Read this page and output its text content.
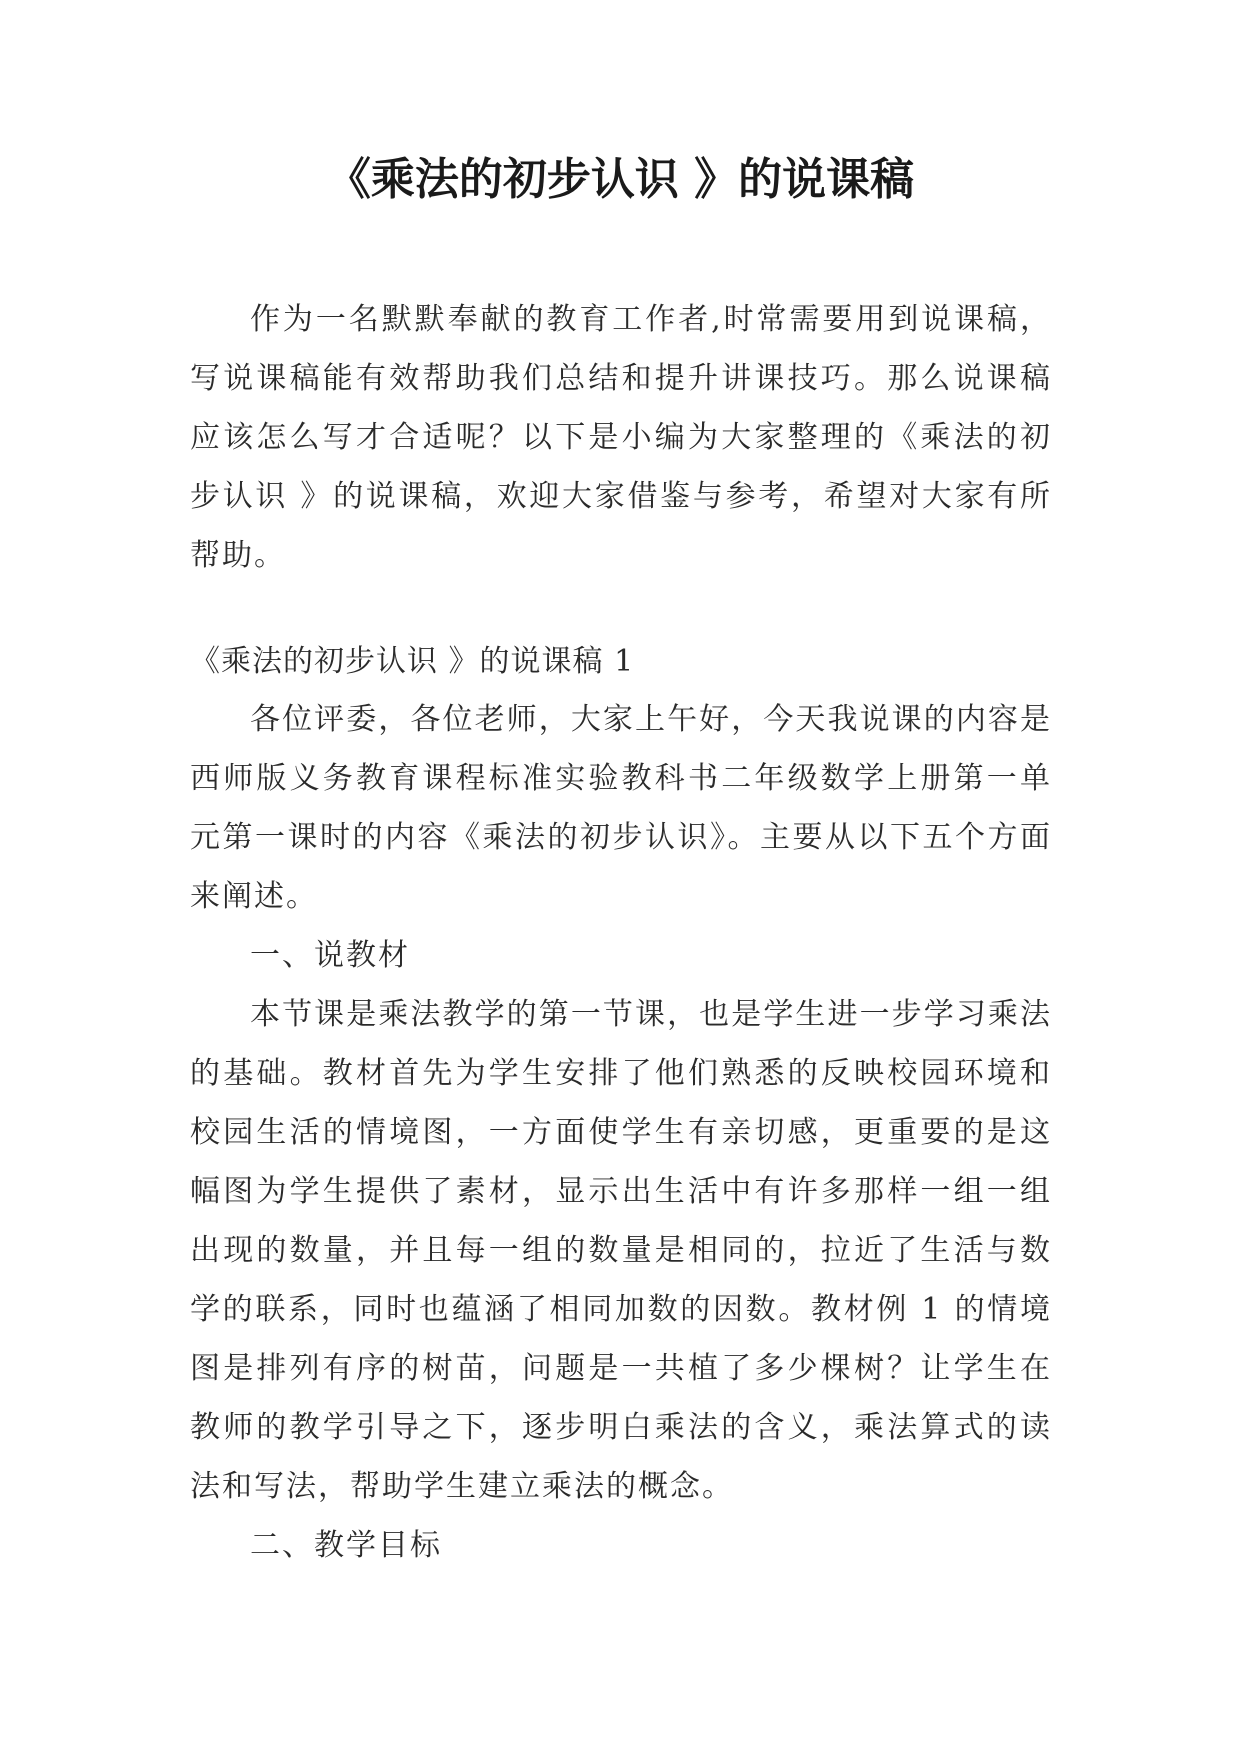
《乘法的初步认识 》的说课稿

作为一名默默奉献的教育工作者,时常需要用到说课稿，写说课稿能有效帮助我们总结和提升讲课技巧。那么说课稿应该怎么写才合适呢？以下是小编为大家整理的《乘法的初步认识 》的说课稿，欢迎大家借鉴与参考，希望对大家有所帮助。

《乘法的初步认识 》的说课稿 1

各位评委，各位老师，大家上午好，今天我说课的内容是西师版义务教育课程标准实验教科书二年级数学上册第一单元第一课时的内容《乘法的初步认识》。主要从以下五个方面来阐述。

一、说教材

本节课是乘法教学的第一节课，也是学生进一步学习乘法的基础。教材首先为学生安排了他们熟悉的反映校园环境和校园生活的情境图，一方面使学生有亲切感，更重要的是这幅图为学生提供了素材，显示出生活中有许多那样一组一组出现的数量，并且每一组的数量是相同的，拉近了生活与数学的联系，同时也蕴涵了相同加数的因数。教材例 1 的情境图是排列有序的树苗，问题是一共植了多少棵树？让学生在教师的教学引导之下，逐步明白乘法的含义，乘法算式的读法和写法，帮助学生建立乘法的概念。

二、教学目标
